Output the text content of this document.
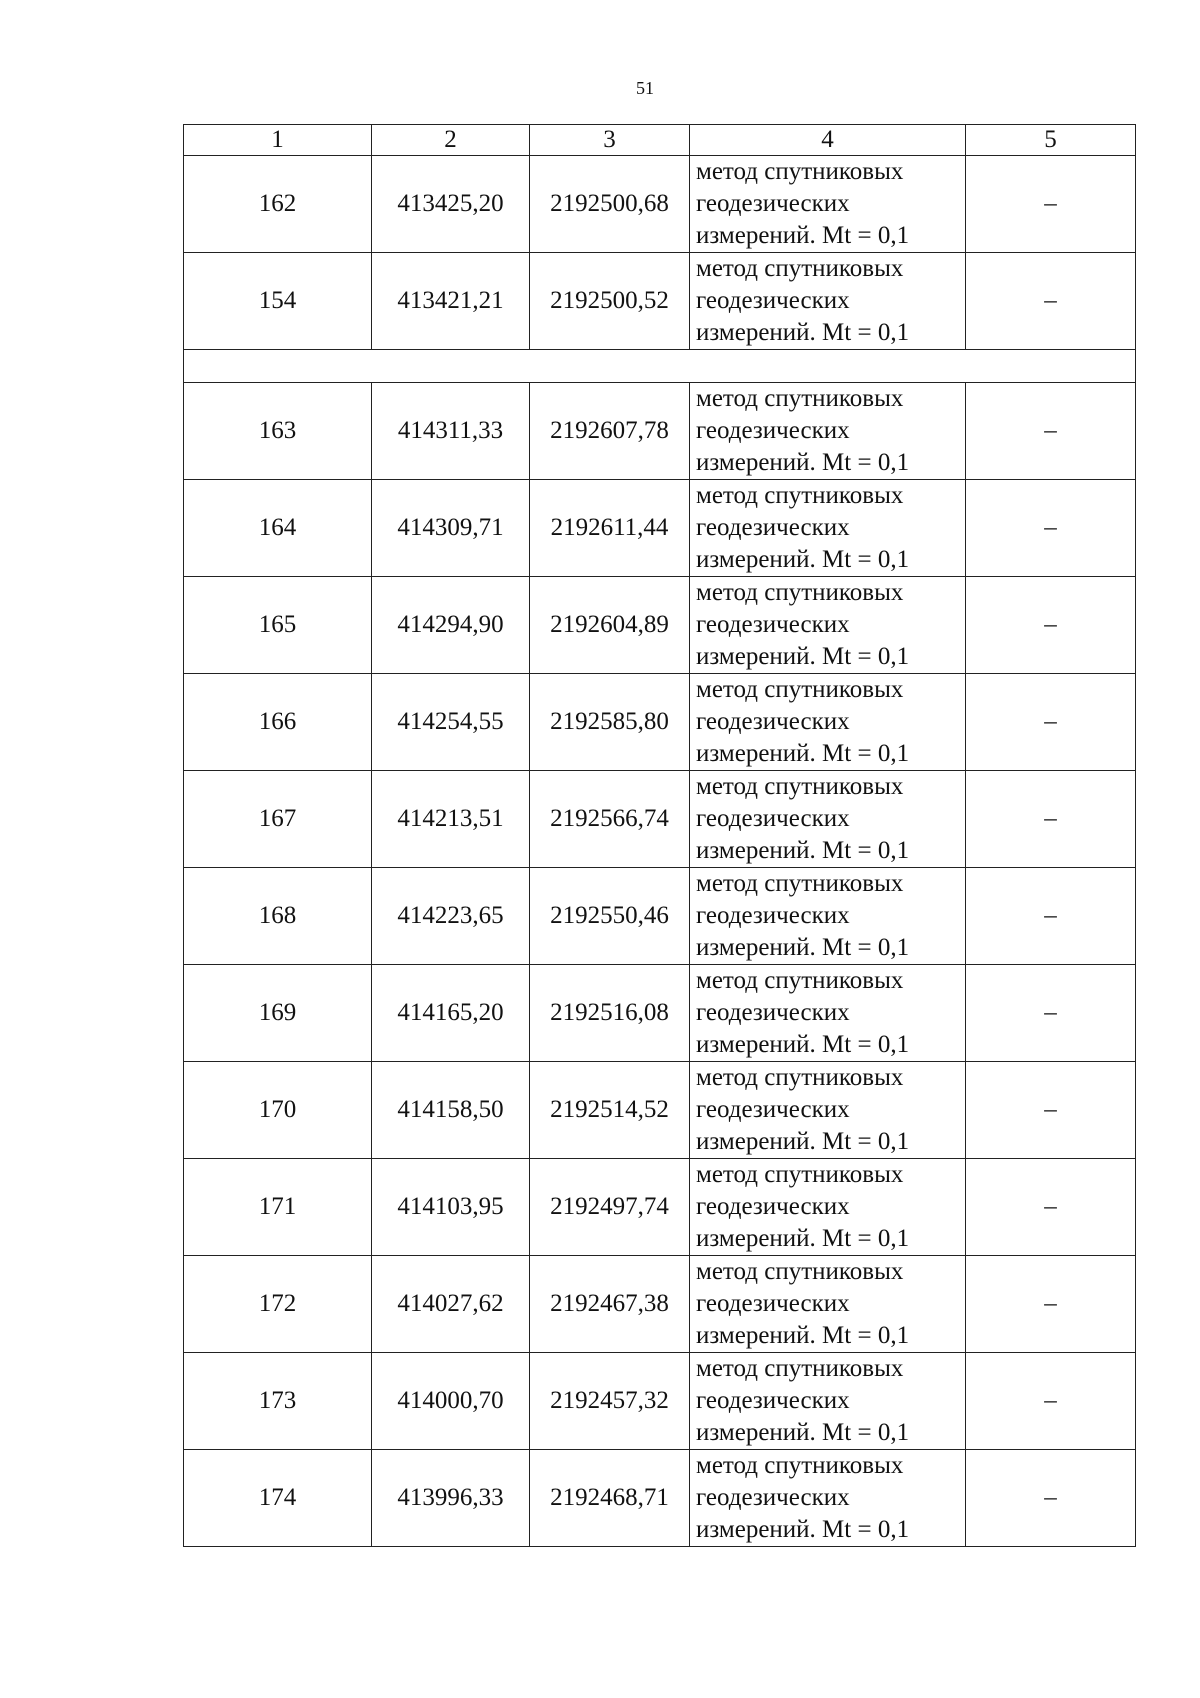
51
1	2	3	4	5
162	413425,20	2192500,68	метод спутниковых
геодезических
измерений. Mt = 0,1	–
154	413421,21	2192500,52	метод спутниковых
геодезических
измерений. Mt = 0,1	–

163	414311,33	2192607,78	метод спутниковых
геодезических
измерений. Mt = 0,1	–
164	414309,71	2192611,44	метод спутниковых
геодезических
измерений. Mt = 0,1	–
165	414294,90	2192604,89	метод спутниковых
геодезических
измерений. Mt = 0,1	–
166	414254,55	2192585,80	метод спутниковых
геодезических
измерений. Mt = 0,1	–
167	414213,51	2192566,74	метод спутниковых
геодезических
измерений. Mt = 0,1	–
168	414223,65	2192550,46	метод спутниковых
геодезических
измерений. Mt = 0,1	–
169	414165,20	2192516,08	метод спутниковых
геодезических
измерений. Mt = 0,1	–
170	414158,50	2192514,52	метод спутниковых
геодезических
измерений. Mt = 0,1	–
171	414103,95	2192497,74	метод спутниковых
геодезических
измерений. Mt = 0,1	–
172	414027,62	2192467,38	метод спутниковых
геодезических
измерений. Mt = 0,1	–
173	414000,70	2192457,32	метод спутниковых
геодезических
измерений. Mt = 0,1	–
174	413996,33	2192468,71	метод спутниковых
геодезических
измерений. Mt = 0,1	–
